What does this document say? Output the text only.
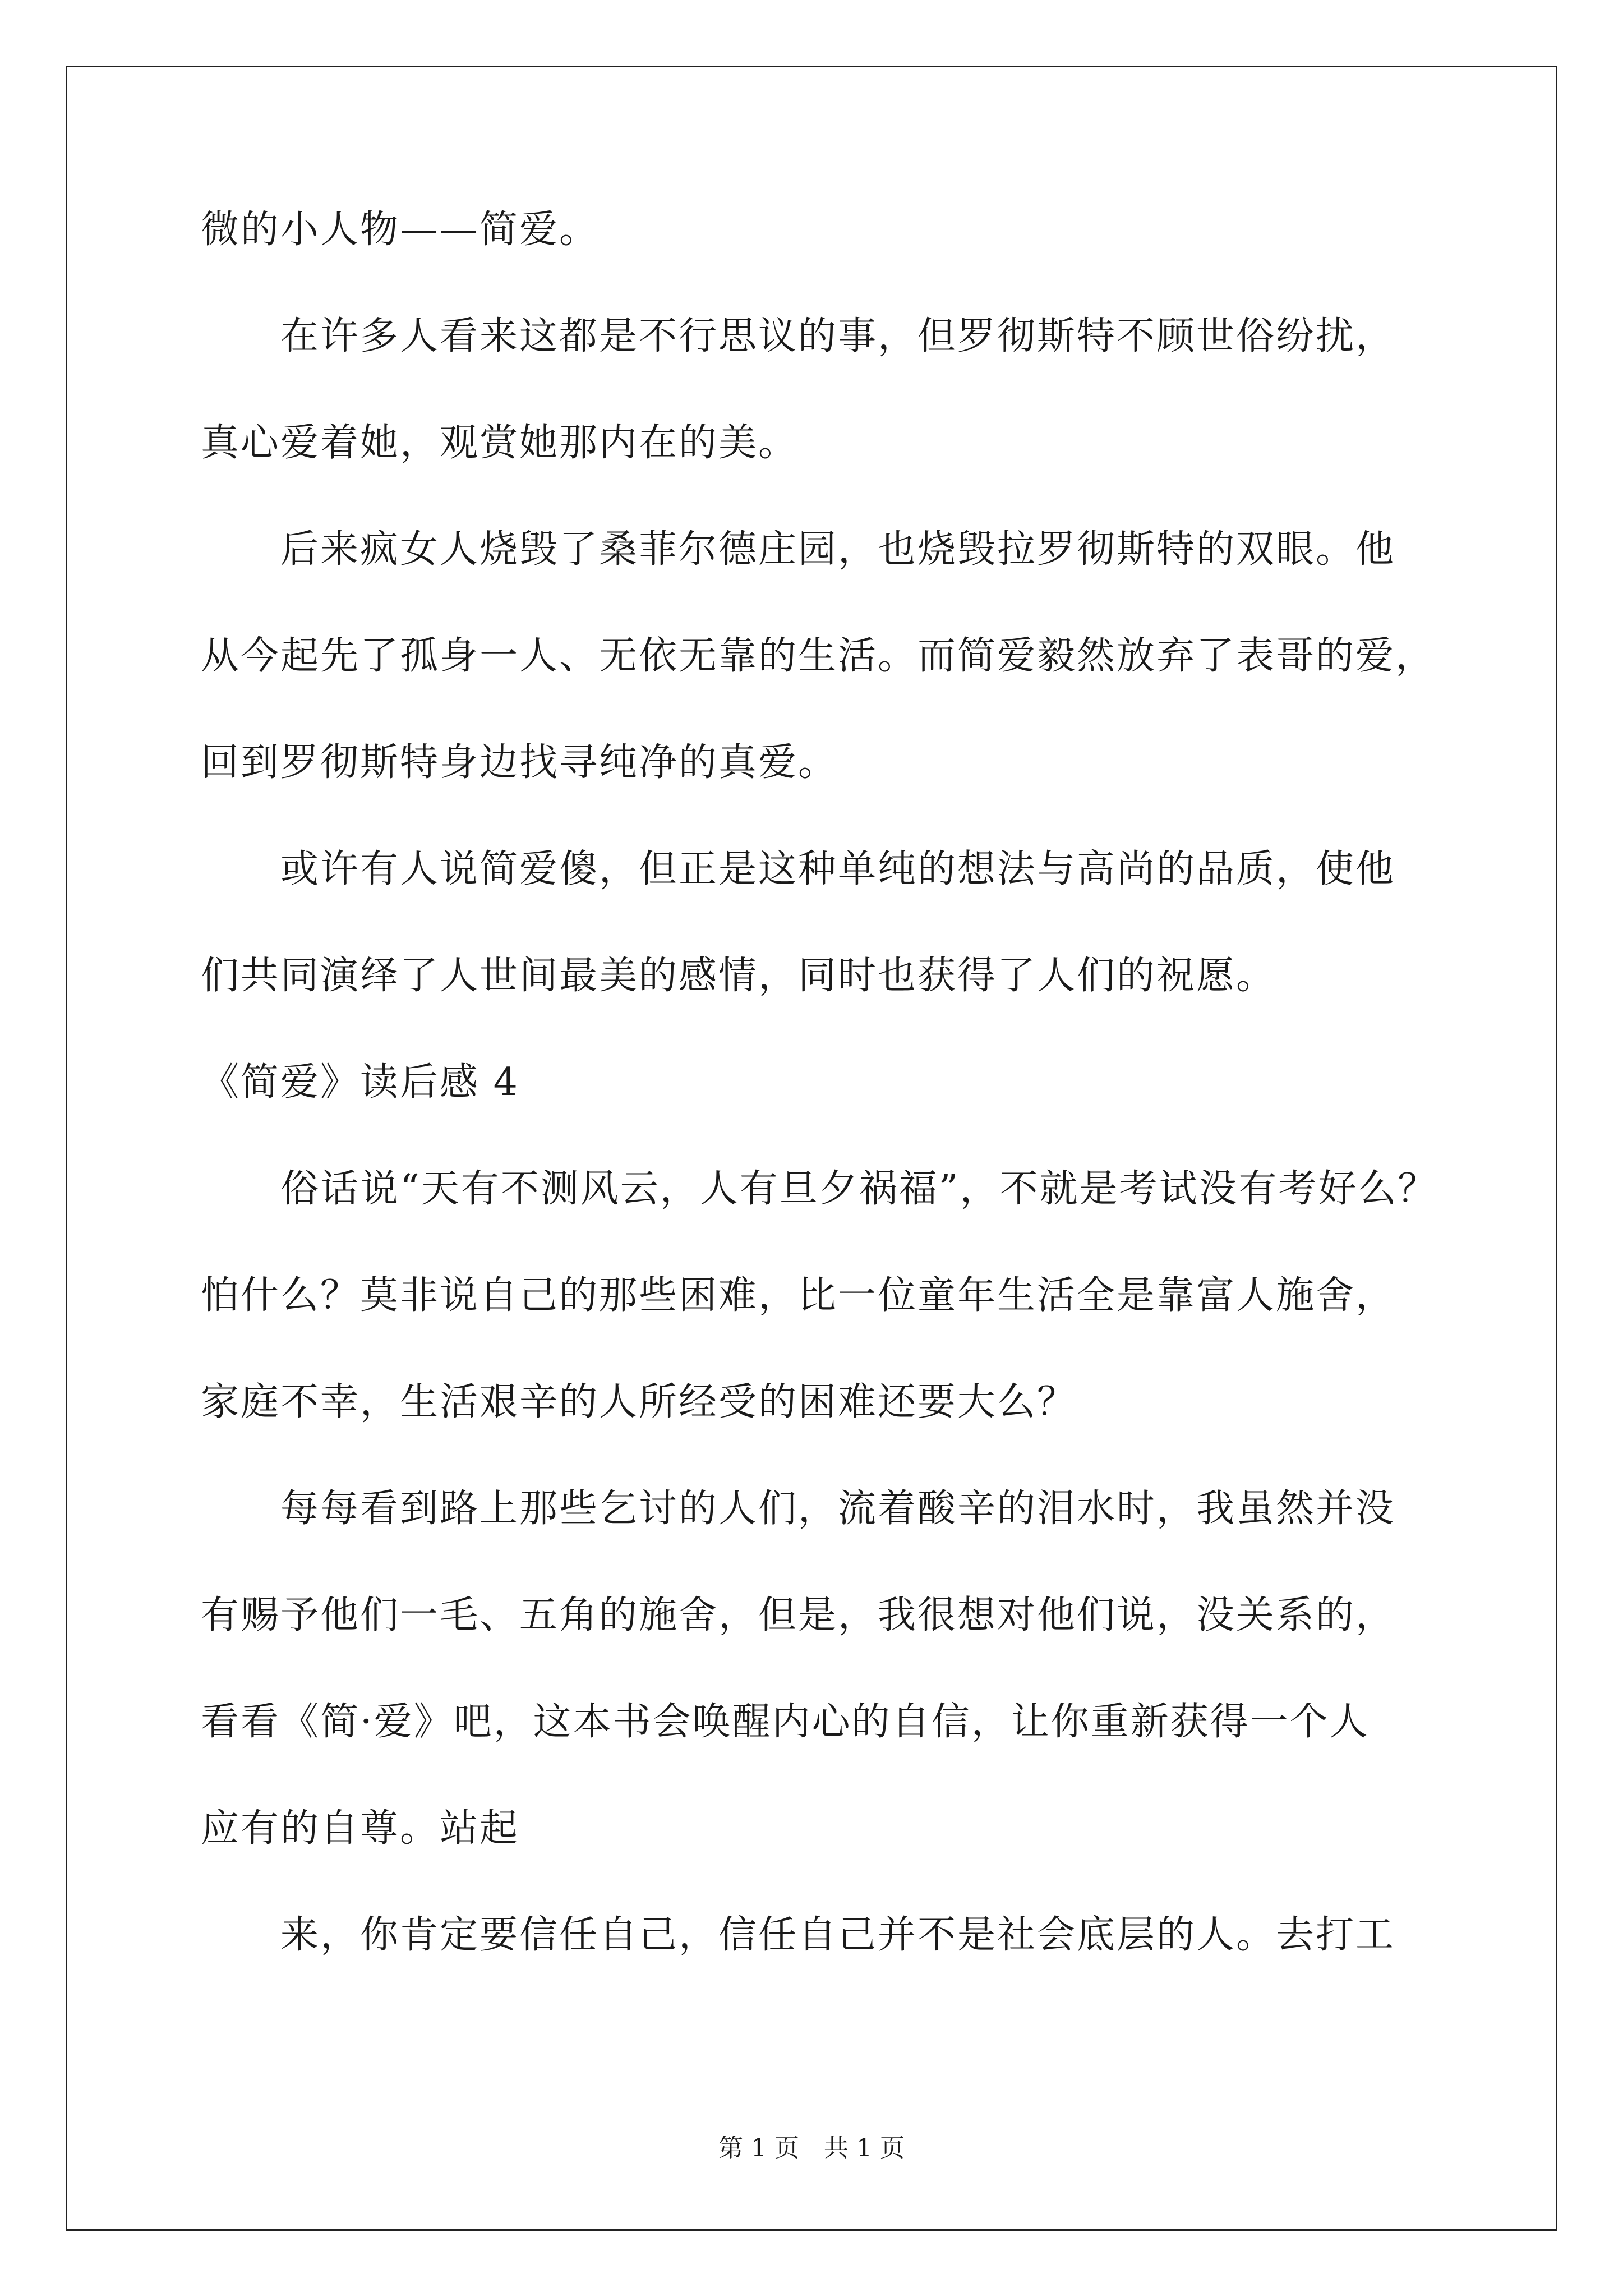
微的小人物——简爱。
　　在许多人看来这都是不行思议的事，但罗彻斯特不顾世俗纷扰，
真心爱着她，观赏她那内在的美。
　　后来疯女人烧毁了桑菲尔德庄园，也烧毁拉罗彻斯特的双眼。他
从今起先了孤身一人、无依无靠的生活。而简爱毅然放弃了表哥的爱，
回到罗彻斯特身边找寻纯净的真爱。
　　或许有人说简爱傻，但正是这种单纯的想法与高尚的品质，使他
们共同演绎了人世间最美的感情，同时也获得了人们的祝愿。
《简爱》读后感 4
　　俗话说“天有不测风云，人有旦夕祸福”，不就是考试没有考好么？
怕什么？莫非说自己的那些困难，比一位童年生活全是靠富人施舍，
家庭不幸，生活艰辛的人所经受的困难还要大么？
　　每每看到路上那些乞讨的人们，流着酸辛的泪水时，我虽然并没
有赐予他们一毛、五角的施舍，但是，我很想对他们说，没关系的，
看看《简·爱》吧，这本书会唤醒内心的自信，让你重新获得一个人
应有的自尊。站起
　　来，你肯定要信任自己，信任自己并不是社会底层的人。去打工
第 1 页　共 1 页
